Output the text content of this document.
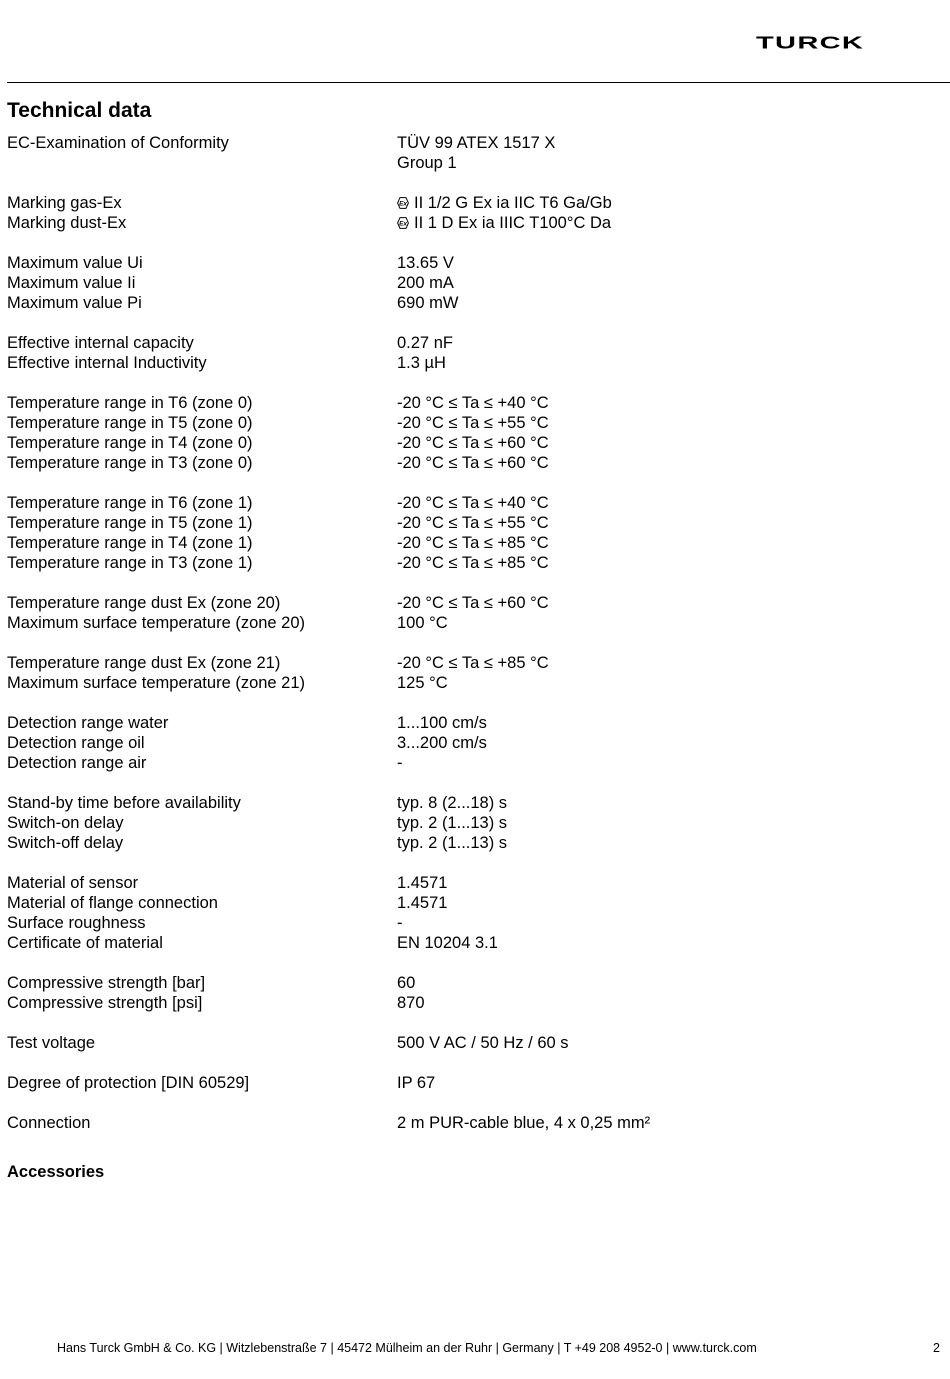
TURCK
Technical data
EC-Examination of Conformity	TÜV 99 ATEX 1517 X
Group 1
Marking gas-Ex	Ex II 1/2 G Ex ia IIC T6 Ga/Gb
Marking dust-Ex	Ex II 1 D Ex ia IIIC T100°C Da
Maximum value Ui	13.65 V
Maximum value Ii	200 mA
Maximum value Pi	690 mW
Effective internal capacity	0.27 nF
Effective internal Inductivity	1.3 µH
Temperature range in T6 (zone 0)	-20 °C ≤ Ta ≤ +40 °C
Temperature range in T5 (zone 0)	-20 °C ≤ Ta ≤ +55 °C
Temperature range in T4 (zone 0)	-20 °C ≤ Ta ≤ +60 °C
Temperature range in T3 (zone 0)	-20 °C ≤ Ta ≤ +60 °C
Temperature range in T6 (zone 1)	-20 °C ≤ Ta ≤ +40 °C
Temperature range in T5 (zone 1)	-20 °C ≤ Ta ≤ +55 °C
Temperature range in T4 (zone 1)	-20 °C ≤ Ta ≤ +85 °C
Temperature range in T3 (zone 1)	-20 °C ≤ Ta ≤ +85 °C
Temperature range dust Ex (zone 20)	-20 °C ≤ Ta ≤ +60 °C
Maximum surface temperature (zone 20)	100 °C
Temperature range dust Ex (zone 21)	-20 °C ≤ Ta ≤ +85 °C
Maximum surface temperature (zone 21)	125 °C
Detection range water	1...100 cm/s
Detection range oil	3...200 cm/s
Detection range air	-
Stand-by time before availability	typ. 8 (2...18) s
Switch-on delay	typ. 2 (1...13) s
Switch-off delay	typ. 2 (1...13) s
Material of sensor	1.4571
Material of flange connection	1.4571
Surface roughness	-
Certificate of material	EN 10204 3.1
Compressive strength [bar]	60
Compressive strength [psi]	870
Test voltage	500 V AC / 50 Hz / 60 s
Degree of protection [DIN 60529]	IP 67
Connection	2 m PUR-cable blue, 4 x 0,25 mm²
Accessories
Hans Turck GmbH & Co. KG | Witzlebenstraße 7 | 45472 Mülheim an der Ruhr | Germany | T +49 208 4952-0 | www.turck.com	2
